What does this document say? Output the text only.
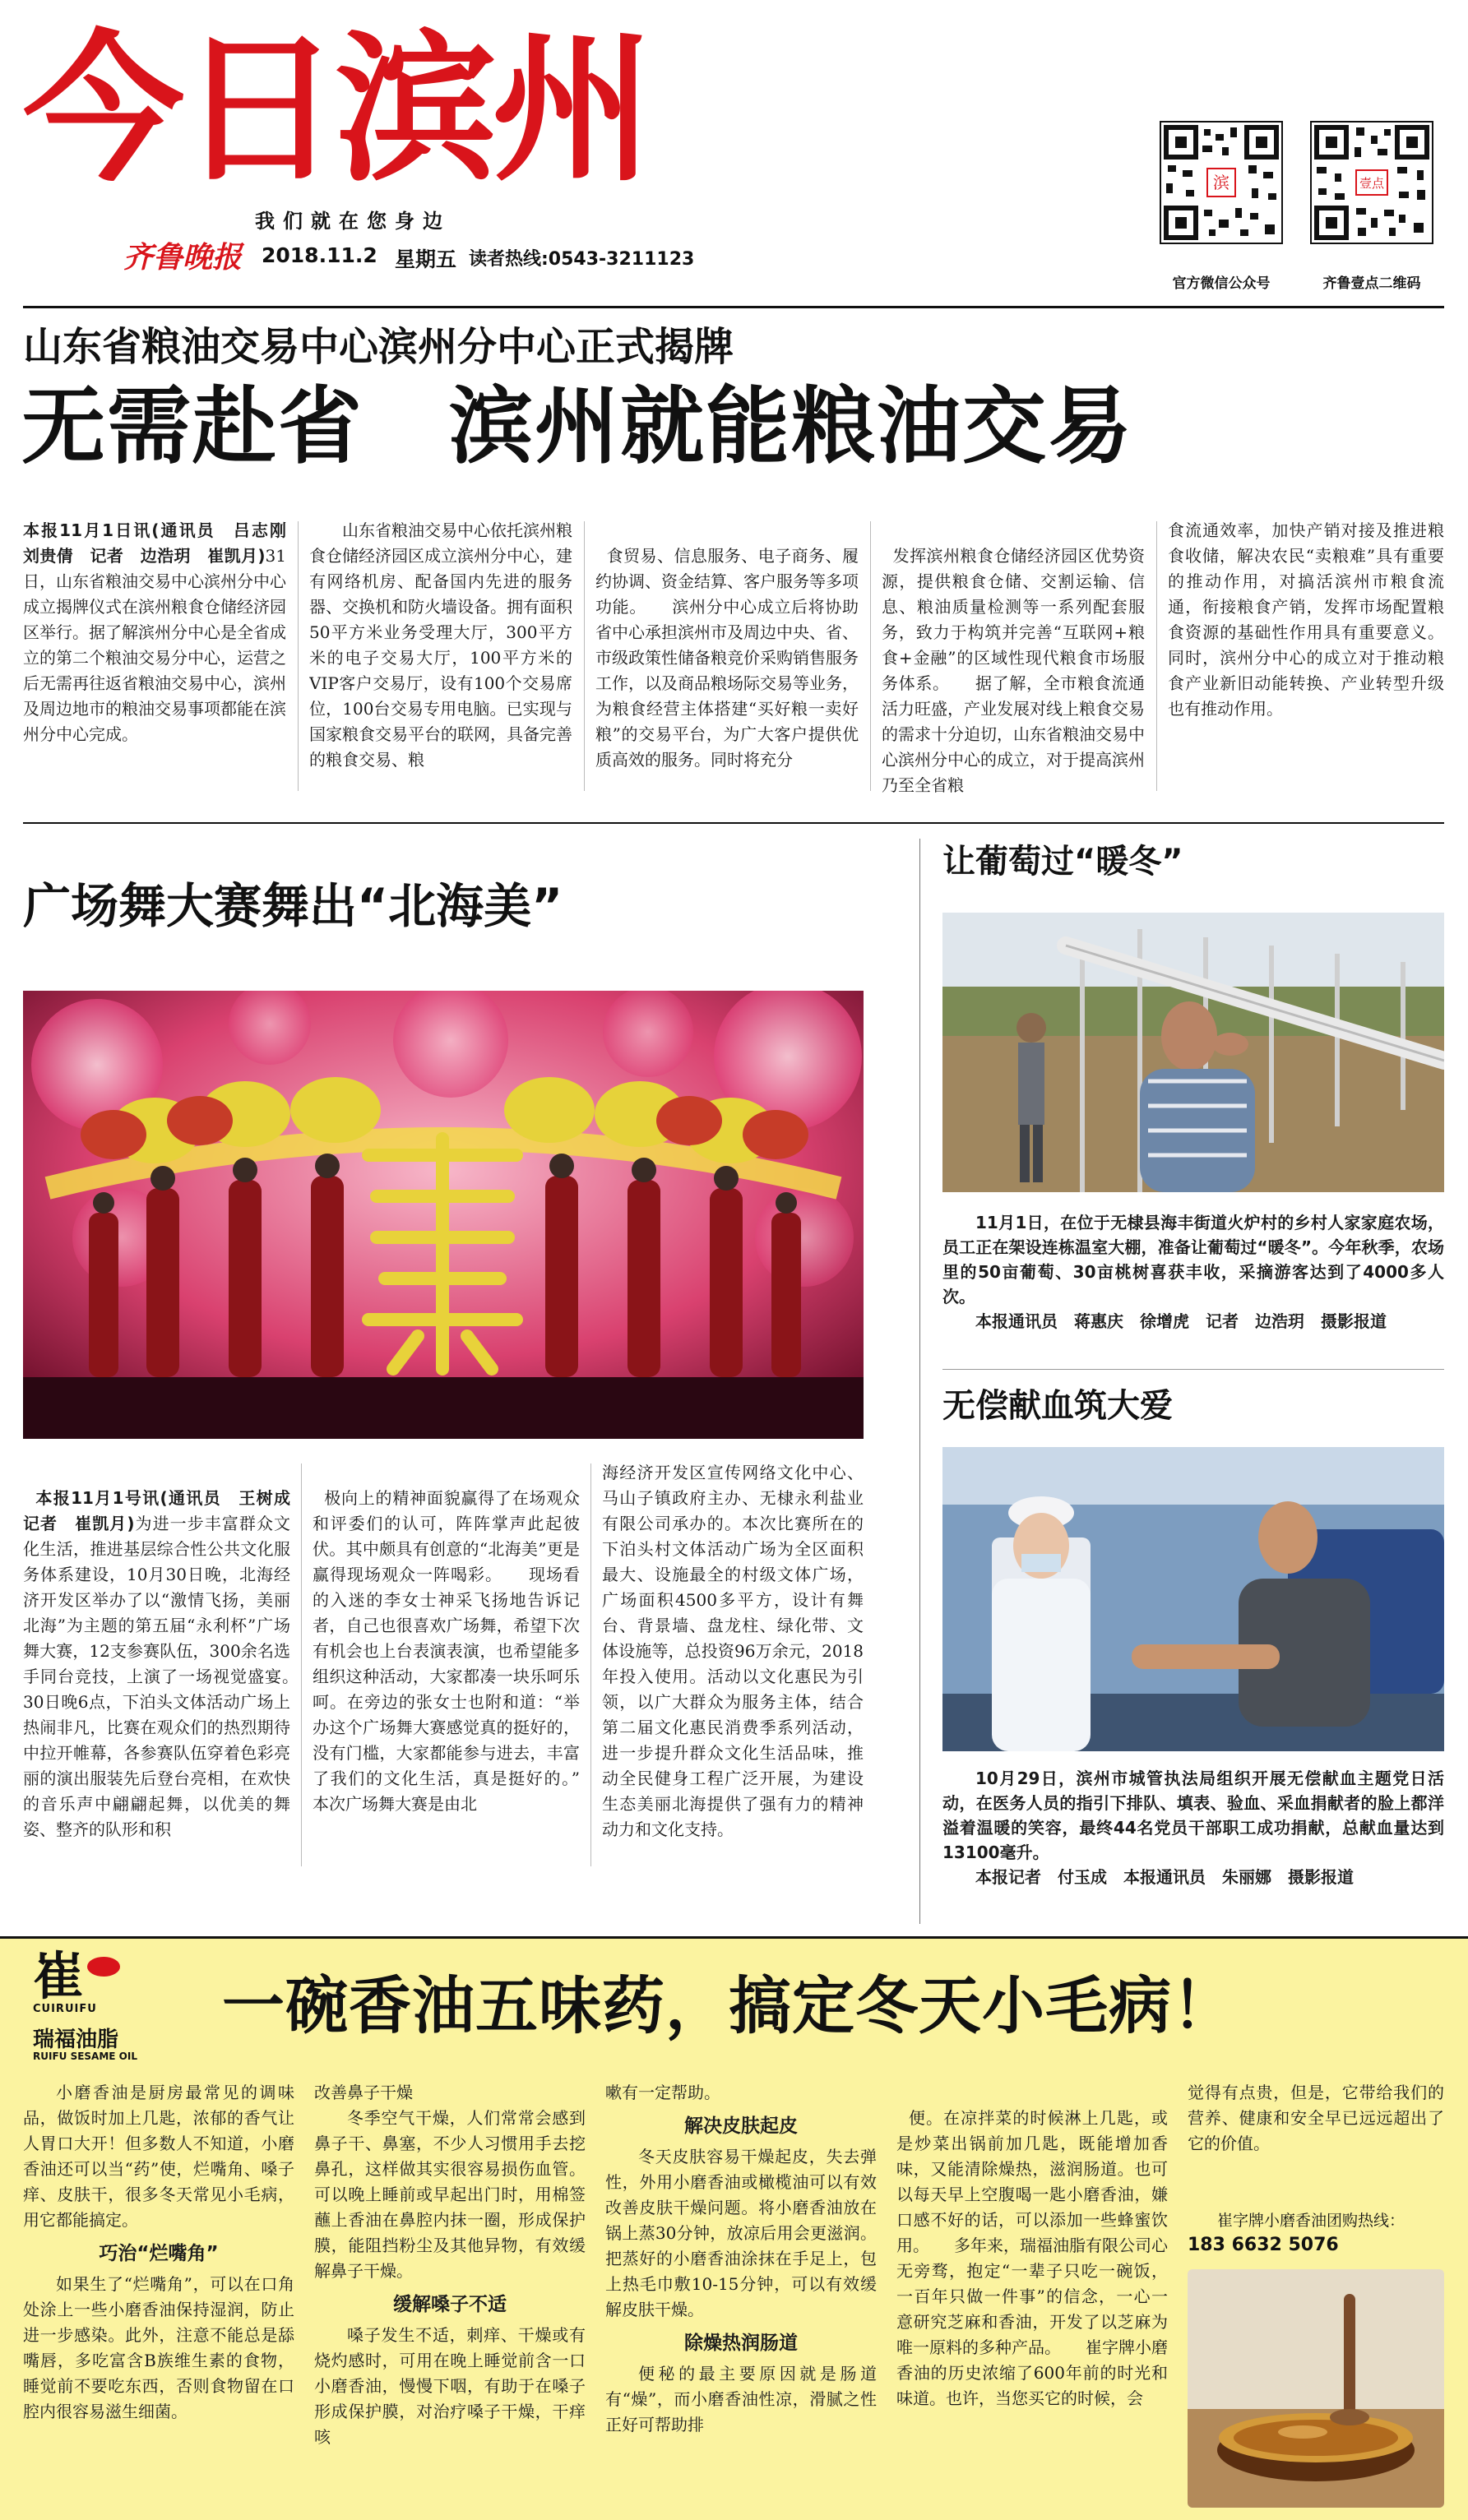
今日滨州
我们就在您身边
齐鲁晚报 2018.11.2 星期五 读者热线:0543-3211123
滨	壹点
官方微信公众号	齐鲁壹点二维码
山东省粮油交易中心滨州分中心正式揭牌
无需赴省　滨州就能粮油交易
本报11月1日讯(通讯员　吕志刚　刘贵倩　记者　边浩玥　崔凯月)31日，山东省粮油交易中心滨州分中心成立揭牌仪式在滨州粮食仓储经济园区举行。据了解滨州分中心是全省成立的第二个粮油交易分中心，运营之后无需再往返省粮油交易中心，滨州及周边地市的粮油交易事项都能在滨州分中心完成。
山东省粮油交易中心依托滨州粮食仓储经济园区成立滨州分中心，建有网络机房、配备国内先进的服务器、交换机和防火墙设备。拥有面积50平方米业务受理大厅，300平方米的电子交易大厅，100平方米的VIP客户交易厅，设有100个交易席位，100台交易专用电脑。已实现与国家粮食交易平台的联网，具备完善的粮食交易、粮

食贸易、信息服务、电子商务、履约协调、资金结算、客户服务等多项功能。　　滨州分中心成立后将协助省中心承担滨州市及周边中央、省、市级政策性储备粮竞价采购销售服务工作，以及商品粮场际交易等业务，为粮食经营主体搭建“买好粮一卖好粮”的交易平台，为广大客户提供优质高效的服务。同时将充分

发挥滨州粮食仓储经济园区优势资源，提供粮食仓储、交割运输、信息、粮油质量检测等一系列配套服务，致力于构筑并完善“互联网+粮食+金融”的区域性现代粮食市场服务体系。　　据了解，全市粮食流通活力旺盛，产业发展对线上粮食交易的需求十分迫切，山东省粮油交易中心滨州分中心的成立，对于提高滨州乃至全省粮

食流通效率，加快产销对接及推进粮食收储，解决农民“卖粮难”具有重要的推动作用，对搞活滨州市粮食流通，衔接粮食产销，发挥市场配置粮食资源的基础性作用具有重要意义。同时，滨州分中心的成立对于推动粮食产业新旧动能转换、产业转型升级也有推动作用。
广场舞大赛舞出“北海美”

本报11月1号讯(通讯员　王树成　记者　崔凯月)为进一步丰富群众文化生活，推进基层综合性公共文化服务体系建设，10月30日晚，北海经济开发区举办了以“激情飞扬，美丽北海”为主题的第五届“永利杯”广场舞大赛，12支参赛队伍，300余名选手同台竞技，上演了一场视觉盛宴。　　30日晚6点，下泊头文体活动广场上热闹非凡，比赛在观众们的热烈期待中拉开帷幕，各参赛队伍穿着色彩亮丽的演出服装先后登台亮相，在欢快的音乐声中翩翩起舞，以优美的舞姿、整齐的队形和积

极向上的精神面貌赢得了在场观众和评委们的认可，阵阵掌声此起彼伏。其中颇具有创意的“北海美”更是赢得现场观众一阵喝彩。　　现场看的入迷的李女士神采飞扬地告诉记者，自己也很喜欢广场舞，希望下次有机会也上台表演表演，也希望能多组织这种活动，大家都凑一块乐呵乐呵。在旁边的张女士也附和道：“举办这个广场舞大赛感觉真的挺好的，没有门槛，大家都能参与进去，丰富了我们的文化生活，真是挺好的。”　　本次广场舞大赛是由北

海经济开发区宣传网络文化中心、马山子镇政府主办、无棣永利盐业有限公司承办的。本次比赛所在的下泊头村文体活动广场为全区面积最大、设施最全的村级文体广场，广场面积4500多平方，设计有舞台、背景墙、盘龙柱、绿化带、文体设施等，总投资96万余元，2018年投入使用。活动以文化惠民为引领，以广大群众为服务主体，结合第二届文化惠民消费季系列活动，进一步提升群众文化生活品味，推动全民健身工程广泛开展，为建设生态美丽北海提供了强有力的精神动力和文化支持。
让葡萄过“暖冬”
11月1日，在位于无棣县海丰街道火炉村的乡村人家家庭农场，员工正在架设连栋温室大棚，准备让葡萄过“暖冬”。今年秋季，农场里的50亩葡萄、30亩桃树喜获丰收，采摘游客达到了4000多人次。
本报通讯员　蒋惠庆　徐增虎　记者　边浩玥　摄影报道
无偿献血筑大爱
10月29日，滨州市城管执法局组织开展无偿献血主题党日活动，在医务人员的指引下排队、填表、验血、采血捐献者的脸上都洋溢着温暖的笑容，最终44名党员干部职工成功捐献，总献血量达到13100毫升。
本报记者　付玉成　本报通讯员　朱丽娜　摄影报道
崔
CUIRUIFU
瑞福油脂
RUIFU SESAME OIL
一碗香油五味药，搞定冬天小毛病！
小磨香油是厨房最常见的调味品，做饭时加上几匙，浓郁的香气让人胃口大开！但多数人不知道，小磨香油还可以当“药”使，烂嘴角、嗓子痒、皮肤干，很多冬天常见小毛病，用它都能搞定。
巧治“烂嘴角”
如果生了“烂嘴角”，可以在口角处涂上一些小磨香油保持湿润，防止进一步感染。此外，注意不能总是舔嘴唇，多吃富含B族维生素的食物，睡觉前不要吃东西，否则食物留在口腔内很容易滋生细菌。
改善鼻子干燥
冬季空气干燥，人们常常会感到鼻子干、鼻塞，不少人习惯用手去挖鼻孔，这样做其实很容易损伤血管。可以晚上睡前或早起出门时，用棉签蘸上香油在鼻腔内抹一圈，形成保护膜，能阻挡粉尘及其他异物，有效缓解鼻子干燥。
缓解嗓子不适
嗓子发生不适，刺痒、干燥或有烧灼感时，可用在晚上睡觉前含一口小磨香油，慢慢下咽，有助于在嗓子形成保护膜，对治疗嗓子干燥，干痒咳
嗽有一定帮助。
解决皮肤起皮
冬天皮肤容易干燥起皮，失去弹性，外用小磨香油或橄榄油可以有效改善皮肤干燥问题。将小磨香油放在锅上蒸30分钟，放凉后用会更滋润。把蒸好的小磨香油涂抹在手足上，包上热毛巾敷10-15分钟，可以有效缓解皮肤干燥。
除燥热润肠道
便秘的最主要原因就是肠道有“燥”，而小磨香油性凉，滑腻之性正好可帮助排

便。在凉拌菜的时候淋上几匙，或是炒菜出锅前加几匙，既能增加香味，又能清除燥热，滋润肠道。也可以每天早上空腹喝一匙小磨香油，嫌口感不好的话，可以添加一些蜂蜜饮用。　　多年来，瑞福油脂有限公司心无旁骛，抱定“一辈子只吃一碗饭，一百年只做一件事”的信念，一心一意研究芝麻和香油，开发了以芝麻为唯一原料的多种产品。　　崔字牌小磨香油的历史浓缩了600年前的时光和味道。也许，当您买它的时候，会

觉得有点贵，但是，它带给我们的营养、健康和安全早已远远超出了它的价值。
崔字牌小磨香油团购热线：
183 6632 5076
